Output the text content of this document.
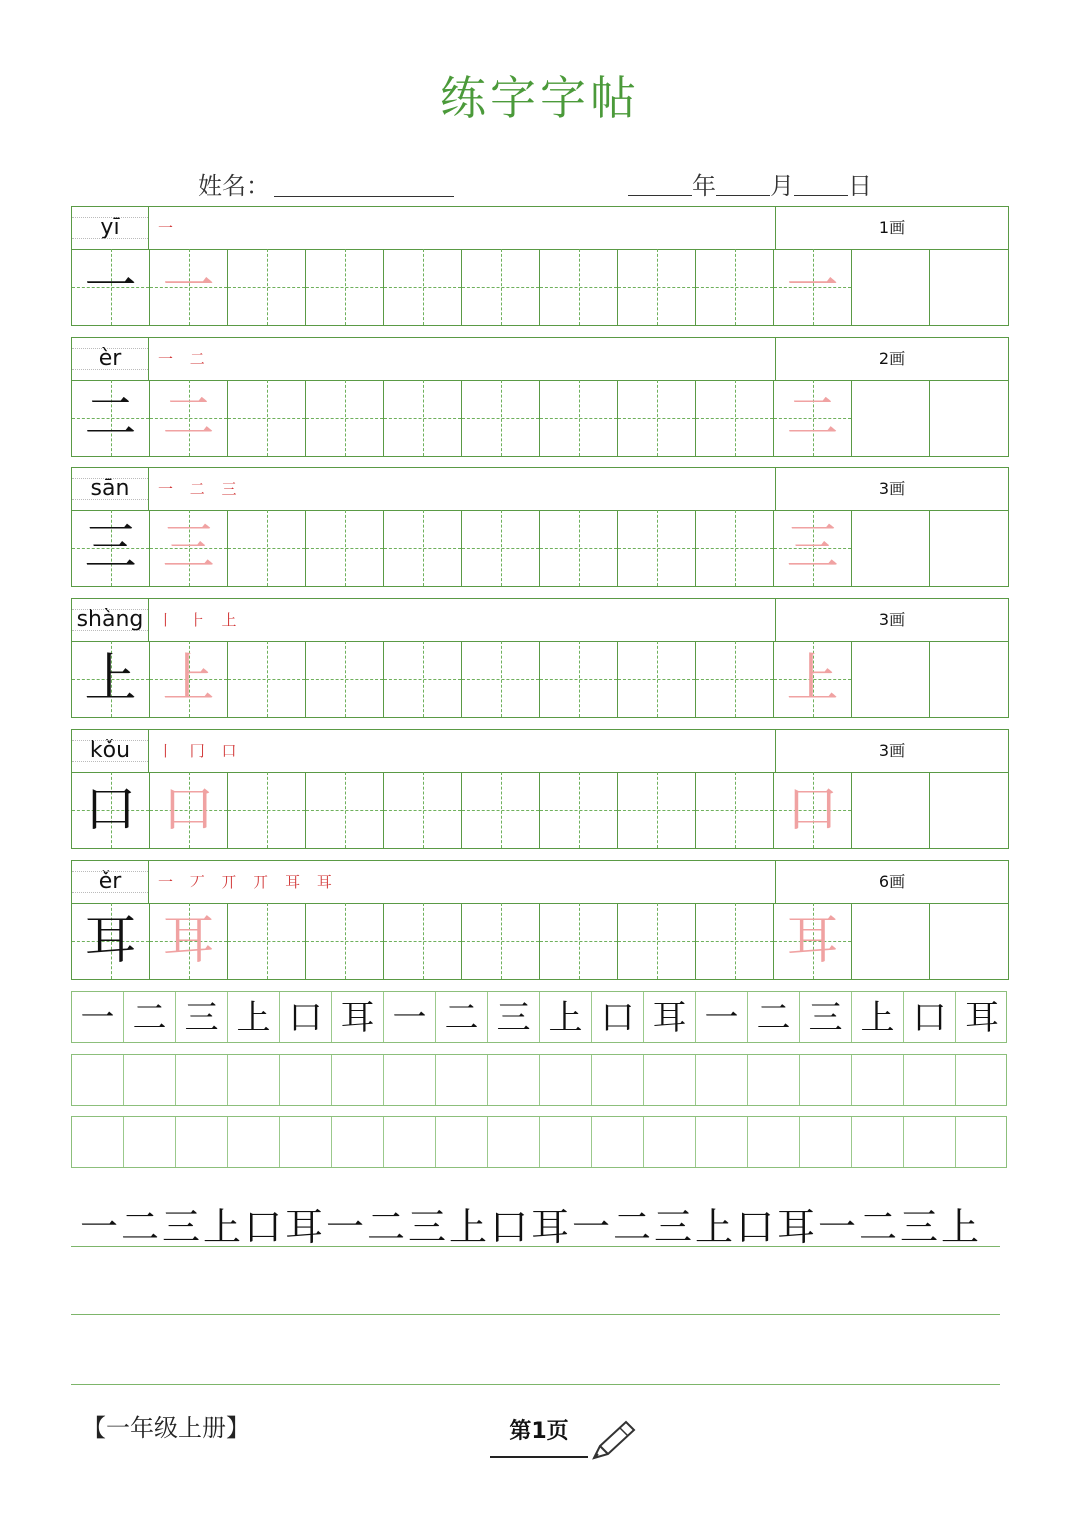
练字字帖
姓名：	年 月 日
yī	一	1画
一 一	一
èr	一 二	2画
二 二	二
sān	一 二 三	3画
三 三	三
shàng 丨 ⺊ 上	3画
上 上	上
kǒu	丨 冂 口	3画
口 口	口
ěr	一 丆 丌 丌 耳 耳	6画
耳 耳	耳
一 二 三 上 口 耳 一 二 三 上 口 耳 一 二 三 上 口 耳
一二三上口耳一二三上口耳一二三上口耳一二三上
【一年级上册】	第1页
